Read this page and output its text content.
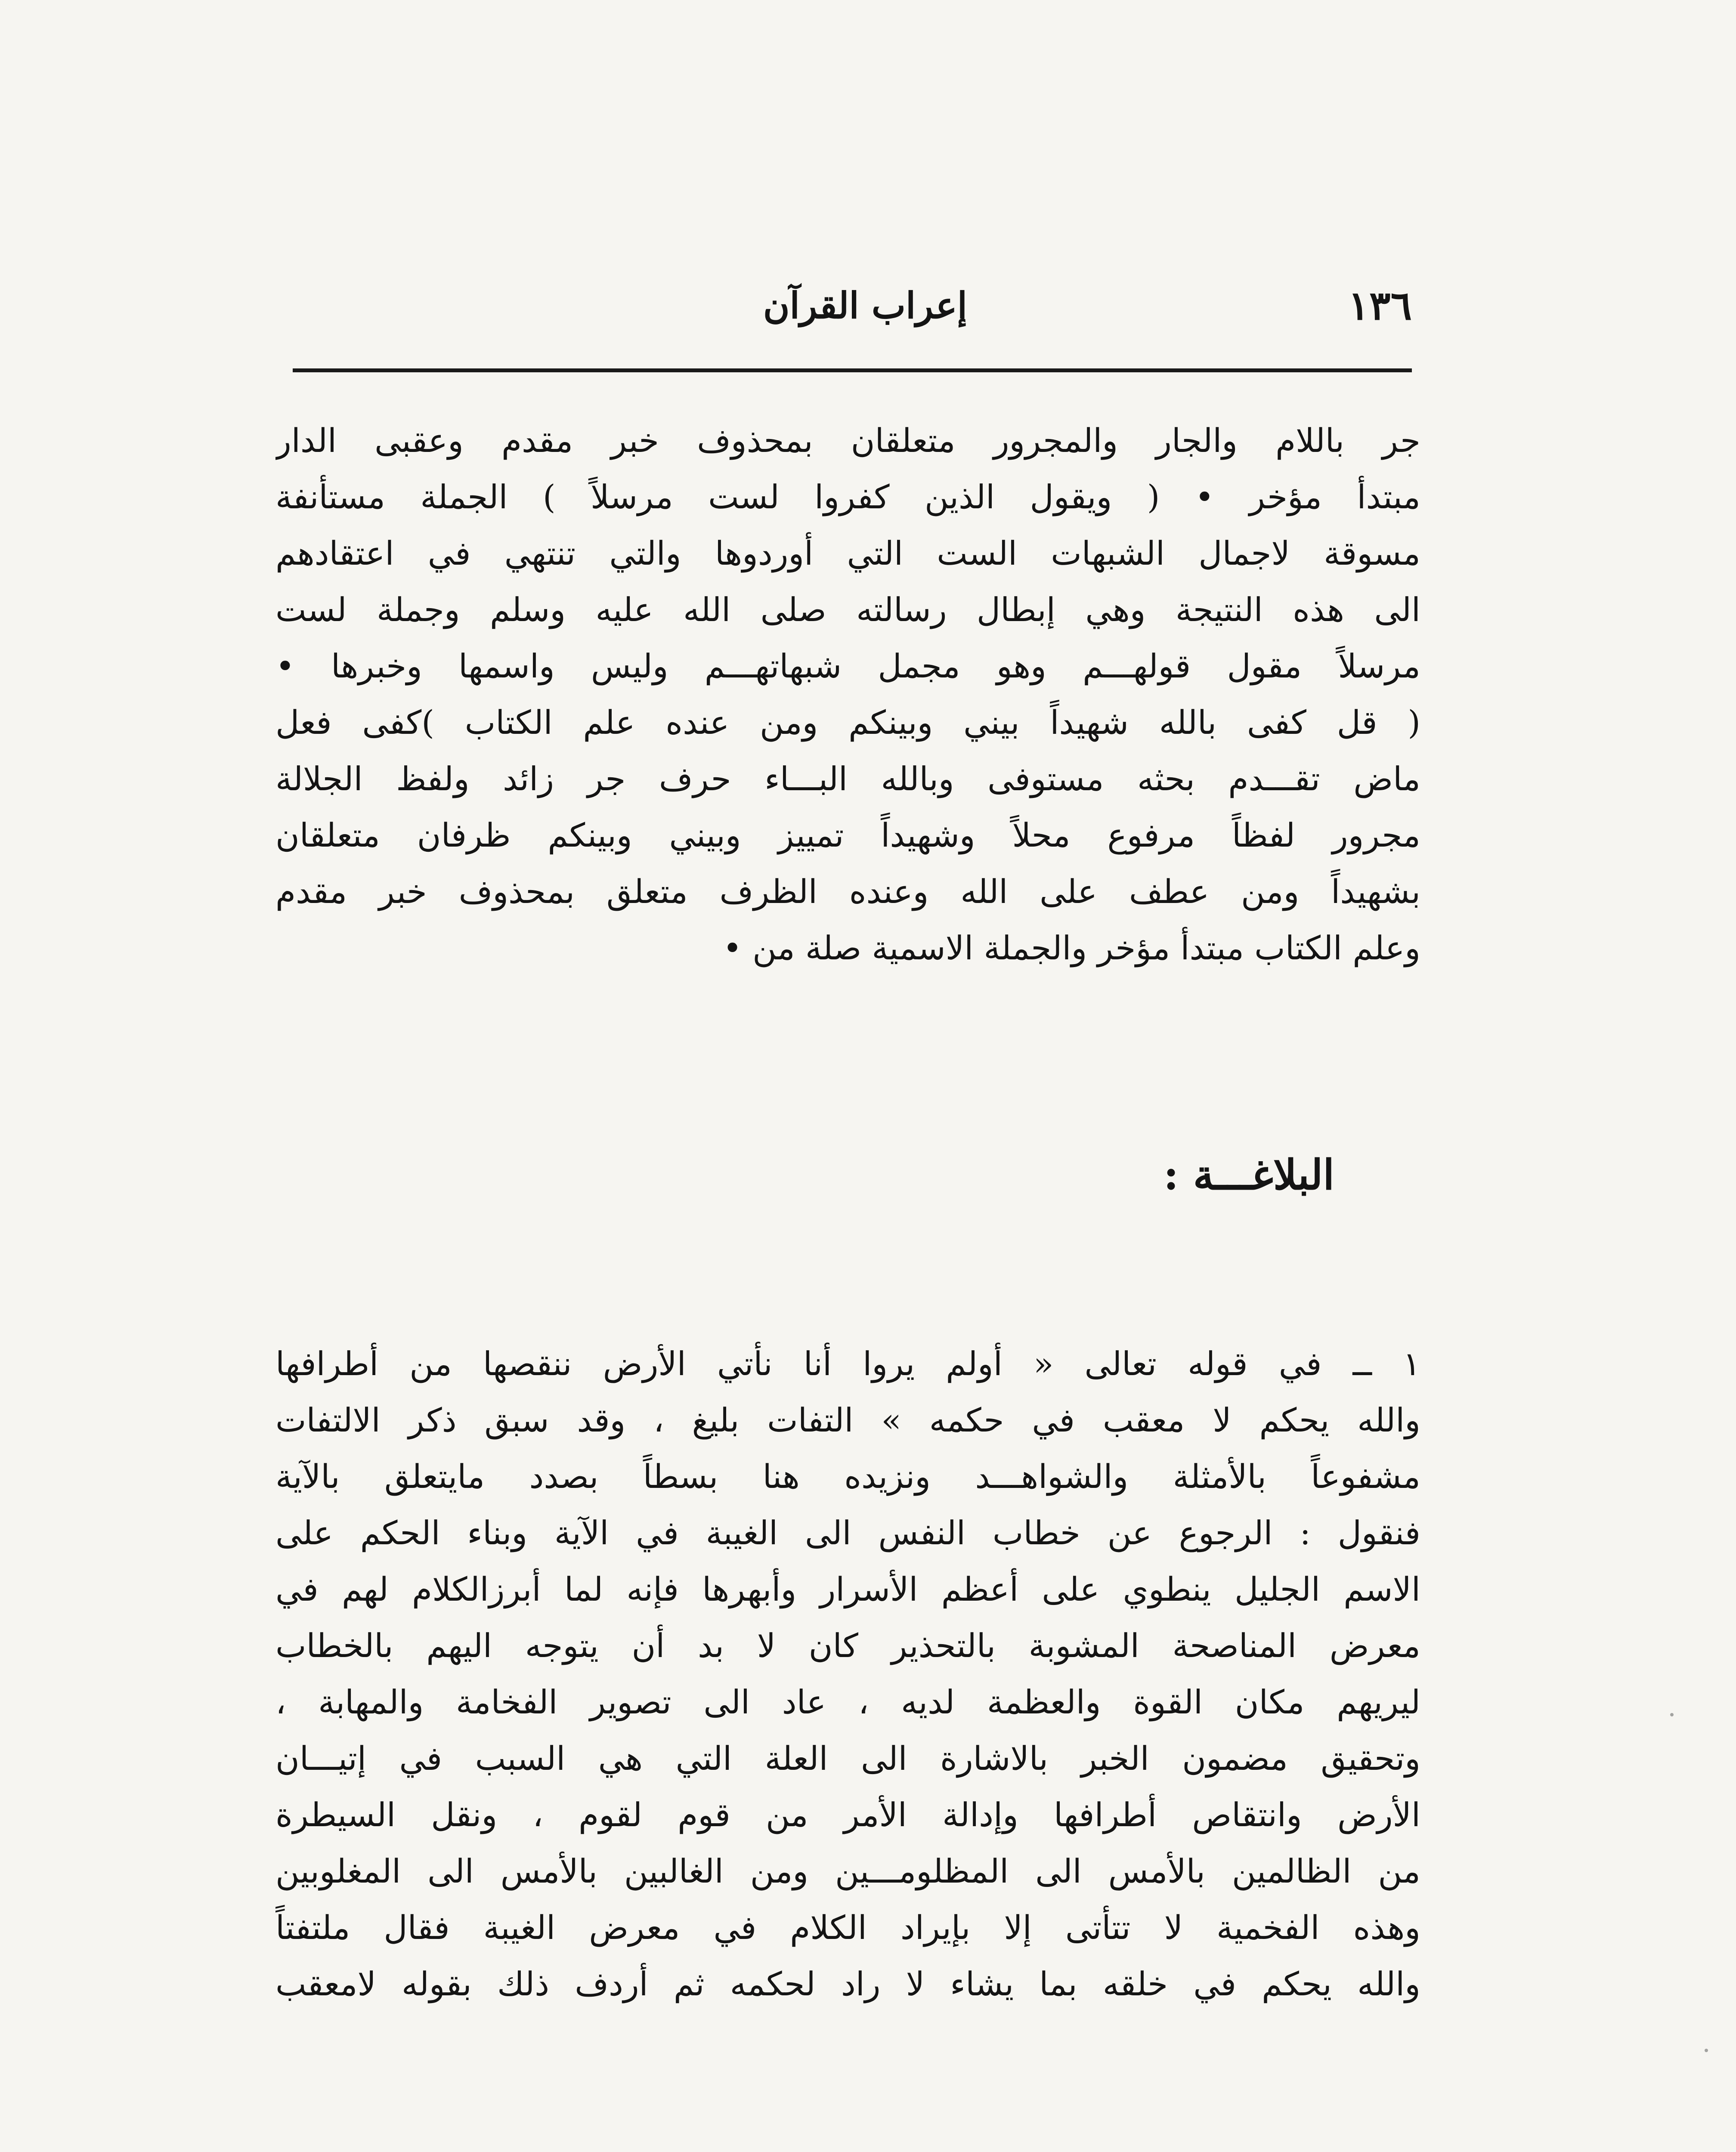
١٣٦
إعراب القرآن
جر باللام والجار والمجرور متعلقان بمحذوف خبر مقدم وعقبى الدار
مبتدأ مؤخر • ( ويقول الذين كفروا لست مرسلاً ) الجملة مستأنفة
مسوقة لاجمال الشبهات الست التي أوردوها والتي تنتهي في اعتقادهم
الى هذه النتيجة وهي إبطال رسالته صلى الله عليه وسلم وجملة لست
مرسلاً مقول قولهـــم وهو مجمل شبهاتهـــم وليس واسمها وخبرها •
( قل كفى بالله شهيداً بيني وبينكم ومن عنده علم الكتاب )كفى فعل
ماض تقـــدم بحثه مستوفى وبالله البـــاء حرف جر زائد ولفظ الجلالة
مجرور لفظاً مرفوع محلاً وشهيداً تمييز وبيني وبينكم ظرفان متعلقان
بشهيداً ومن عطف على الله وعنده الظرف متعلق بمحذوف خبر مقدم
وعلم الكتاب مبتدأ مؤخر والجملة الاسمية صلة من •
البلاغـــة :
١ ــ في قوله تعالى « أولم يروا أنا نأتي الأرض ننقصها من أطرافها
والله يحكم لا معقب في حكمه » التفات بليغ ، وقد سبق ذكر الالتفات
مشفوعاً بالأمثلة والشواهـــد ونزيده هنا بسطاً بصدد مايتعلق بالآية
فنقول : الرجوع عن خطاب النفس الى الغيبة في الآية وبناء الحكم على
الاسم الجليل ينطوي على أعظم الأسرار وأبهرها فإنه لما أبرزالكلام لهم في
معرض المناصحة المشوبة بالتحذير كان لا بد أن يتوجه اليهم بالخطاب
ليريهم مكان القوة والعظمة لديه ، عاد الى تصوير الفخامة والمهابة ،
وتحقيق مضمون الخبر بالاشارة الى العلة التي هي السبب في إتيـــان
الأرض وانتقاص أطرافها وإدالة الأمر من قوم لقوم ، ونقل السيطرة
من الظالمين بالأمس الى المظلومـــين ومن الغالبين بالأمس الى المغلوبين
وهذه الفخمية لا تتأتى إلا بإيراد الكلام في معرض الغيبة فقال ملتفتاً
والله يحكم في خلقه بما يشاء لا راد لحكمه ثم أردف ذلك بقوله لامعقب
